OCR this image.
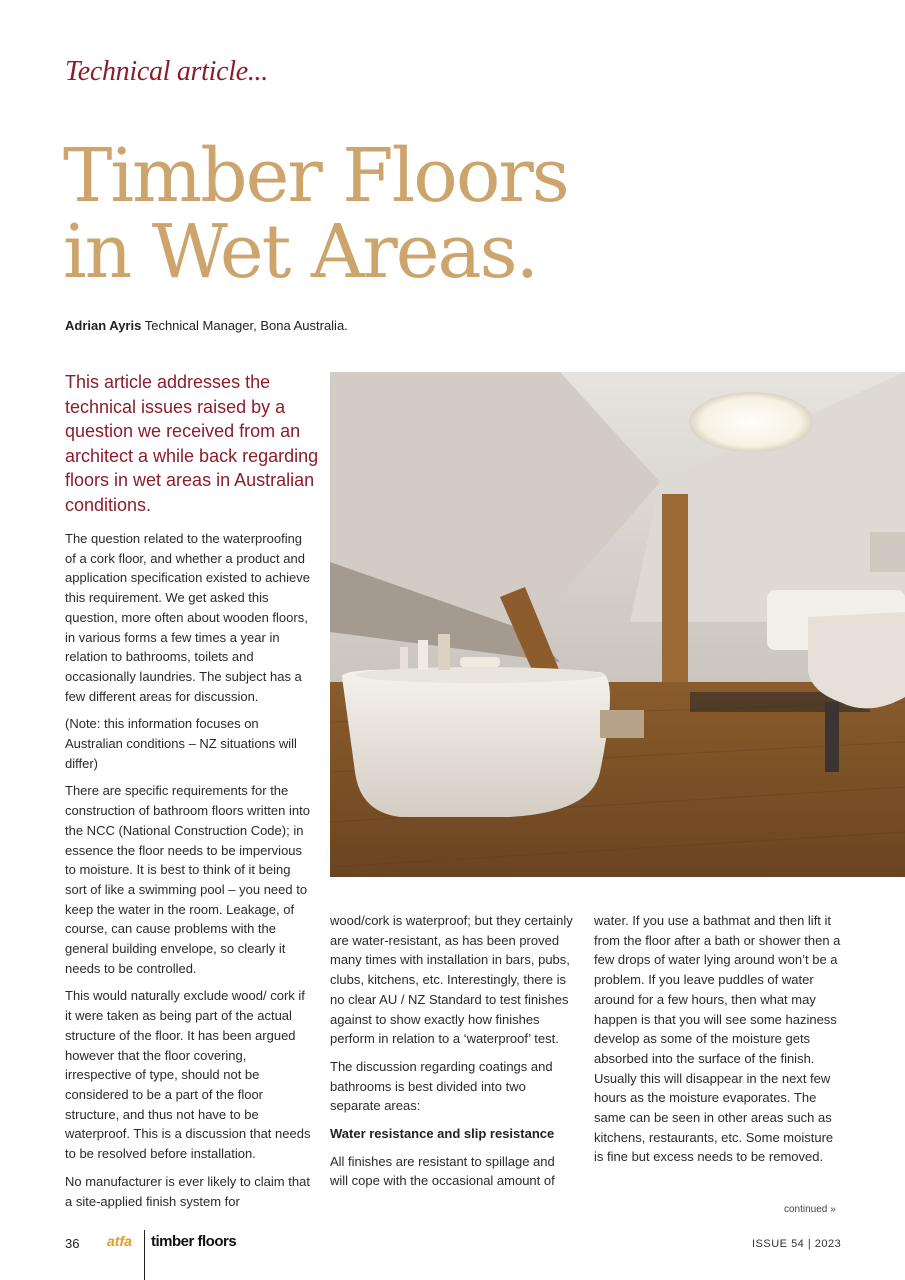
Technical article...
Timber Floors
in Wet Areas.
Adrian Ayris Technical Manager, Bona Australia.
This article addresses the technical issues raised by a question we received from an architect a while back regarding floors in wet areas in Australian conditions.

The question related to the waterproofing of a cork floor, and whether a product and application specification existed to achieve this requirement. We get asked this question, more often about wooden floors, in various forms a few times a year in relation to bathrooms, toilets and occasionally laundries. The subject has a few different areas for discussion.

(Note: this information focuses on Australian conditions – NZ situations will differ)

There are specific requirements for the construction of bathroom floors written into the NCC (National Construction Code); in essence the floor needs to be impervious to moisture. It is best to think of it being sort of like a swimming pool – you need to keep the water in the room. Leakage, of course, can cause problems with the general building envelope, so clearly it needs to be controlled.

This would naturally exclude wood/ cork if it were taken as being part of the actual structure of the floor. It has been argued however that the floor covering, irrespective of type, should not be considered to be a part of the floor structure, and thus not have to be waterproof. This is a discussion that needs to be resolved before installation.

No manufacturer is ever likely to claim that a site-applied finish system for

wood/cork is waterproof; but they certainly are water-resistant, as has been proved many times with installation in bars, pubs, clubs, kitchens, etc. Interestingly, there is no clear AU / NZ Standard to test finishes against to show exactly how finishes perform in relation to a ‘waterproof’ test.

The discussion regarding coatings and bathrooms is best divided into two separate areas:

Water resistance and slip resistance

All finishes are resistant to spillage and will cope with the occasional amount of

water. If you use a bathmat and then lift it from the floor after a bath or shower then a few drops of water lying around won’t be a problem. If you leave puddles of water around for a few hours, then what may happen is that you will see some haziness develop as some of the moisture gets absorbed into the surface of the finish. Usually this will disappear in the next few hours as the moisture evaporates. The same can be seen in other areas such as kitchens, restaurants, etc. Some moisture is fine but excess needs to be removed.

continued »
36 atfa timber floors	ISSUE 54 | 2023
